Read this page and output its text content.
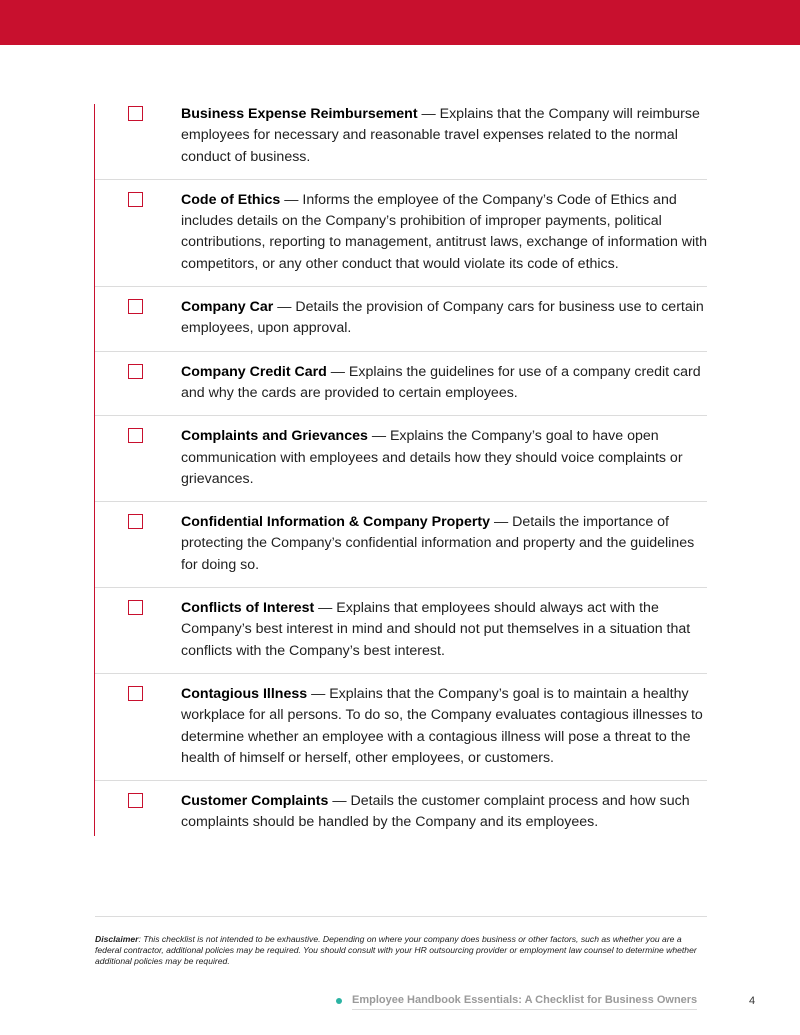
Business Expense Reimbursement — Explains that the Company will reimburse employees for necessary and reasonable travel expenses related to the normal conduct of business.
Code of Ethics — Informs the employee of the Company’s Code of Ethics and includes details on the Company’s prohibition of improper payments, political contributions, reporting to management, antitrust laws, exchange of information with competitors, or any other conduct that would violate its code of ethics.
Company Car — Details the provision of Company cars for business use to certain employees, upon approval.
Company Credit Card — Explains the guidelines for use of a company credit card and why the cards are provided to certain employees.
Complaints and Grievances — Explains the Company’s goal to have open communication with employees and details how they should voice complaints or grievances.
Confidential Information & Company Property — Details the importance of protecting the Company’s confidential information and property and the guidelines for doing so.
Conflicts of Interest — Explains that employees should always act with the Company’s best interest in mind and should not put themselves in a situation that conflicts with the Company’s best interest.
Contagious Illness — Explains that the Company’s goal is to maintain a healthy workplace for all persons. To do so, the Company evaluates contagious illnesses to determine whether an employee with a contagious illness will pose a threat to the health of himself or herself, other employees, or customers.
Customer Complaints — Details the customer complaint process and how such complaints should be handled by the Company and its employees.
Disclaimer: This checklist is not intended to be exhaustive. Depending on where your company does business or other factors, such as whether you are a federal contractor, additional policies may be required. You should consult with your HR outsourcing provider or employment law counsel to determine whether additional policies may be required.
Employee Handbook Essentials: A Checklist for Business Owners	4
